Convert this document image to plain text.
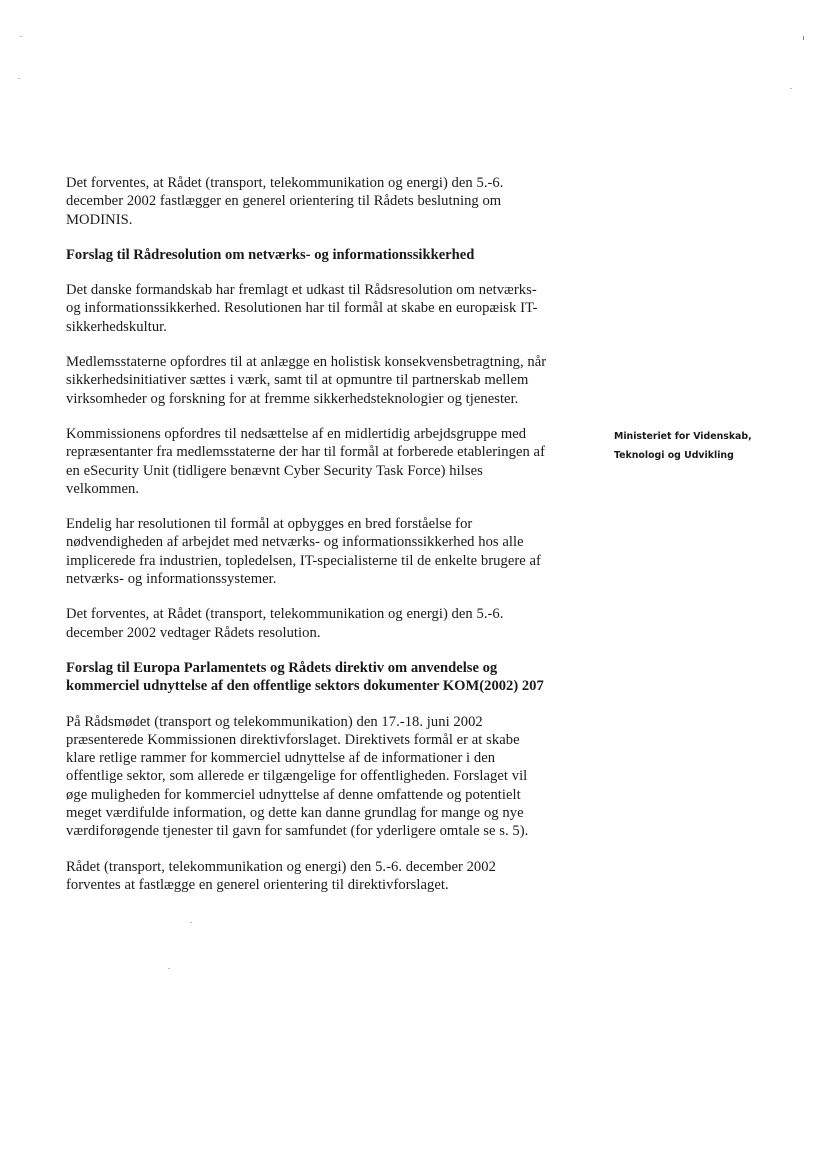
Det forventes, at Rådet (transport, telekommunikation og energi) den 5.-6.
december 2002 fastlægger en generel orientering til Rådets beslutning om
MODINIS.

Forslag til Rådresolution om netværks- og informationssikkerhed

Det danske formandskab har fremlagt et udkast til Rådsresolution om netværks-
og informationssikkerhed. Resolutionen har til formål at skabe en europæisk IT-
sikkerhedskultur.

Medlemsstaterne opfordres til at anlægge en holistisk konsekvensbetragtning, når
sikkerhedsinitiativer sættes i værk, samt til at opmuntre til partnerskab mellem
virksomheder og forskning for at fremme sikkerhedsteknologier og tjenester.

Kommissionens opfordres til nedsættelse af en midlertidig arbejdsgruppe med
repræsentanter fra medlemsstaterne der har til formål at forberede etableringen af
en eSecurity Unit (tidligere benævnt Cyber Security Task Force) hilses
velkommen.

Endelig har resolutionen til formål at opbygges en bred forståelse for
nødvendigheden af arbejdet med netværks- og informationssikkerhed hos alle
implicerede fra industrien, topledelsen, IT-specialisterne til de enkelte brugere af
netværks- og informationssystemer.

Det forventes, at Rådet (transport, telekommunikation og energi) den 5.-6.
december 2002 vedtager Rådets resolution.

Forslag til Europa Parlamentets og Rådets direktiv om anvendelse og
kommerciel udnyttelse af den offentlige sektors dokumenter KOM(2002) 207

På Rådsmødet (transport og telekommunikation) den 17.-18. juni 2002
præsenterede Kommissionen direktivforslaget. Direktivets formål er at skabe
klare retlige rammer for kommerciel udnyttelse af de informationer i den
offentlige sektor, som allerede er tilgængelige for offentligheden. Forslaget vil
øge muligheden for kommerciel udnyttelse af denne omfattende og potentielt
meget værdifulde information, og dette kan danne grundlag for mange og nye
værdiforøgende tjenester til gavn for samfundet (for yderligere omtale se s. 5).

Rådet (transport, telekommunikation og energi) den 5.-6. december 2002
forventes at fastlægge en generel orientering til direktivforslaget.

Ministeriet for Videnskab,
Teknologi og Udvikling
